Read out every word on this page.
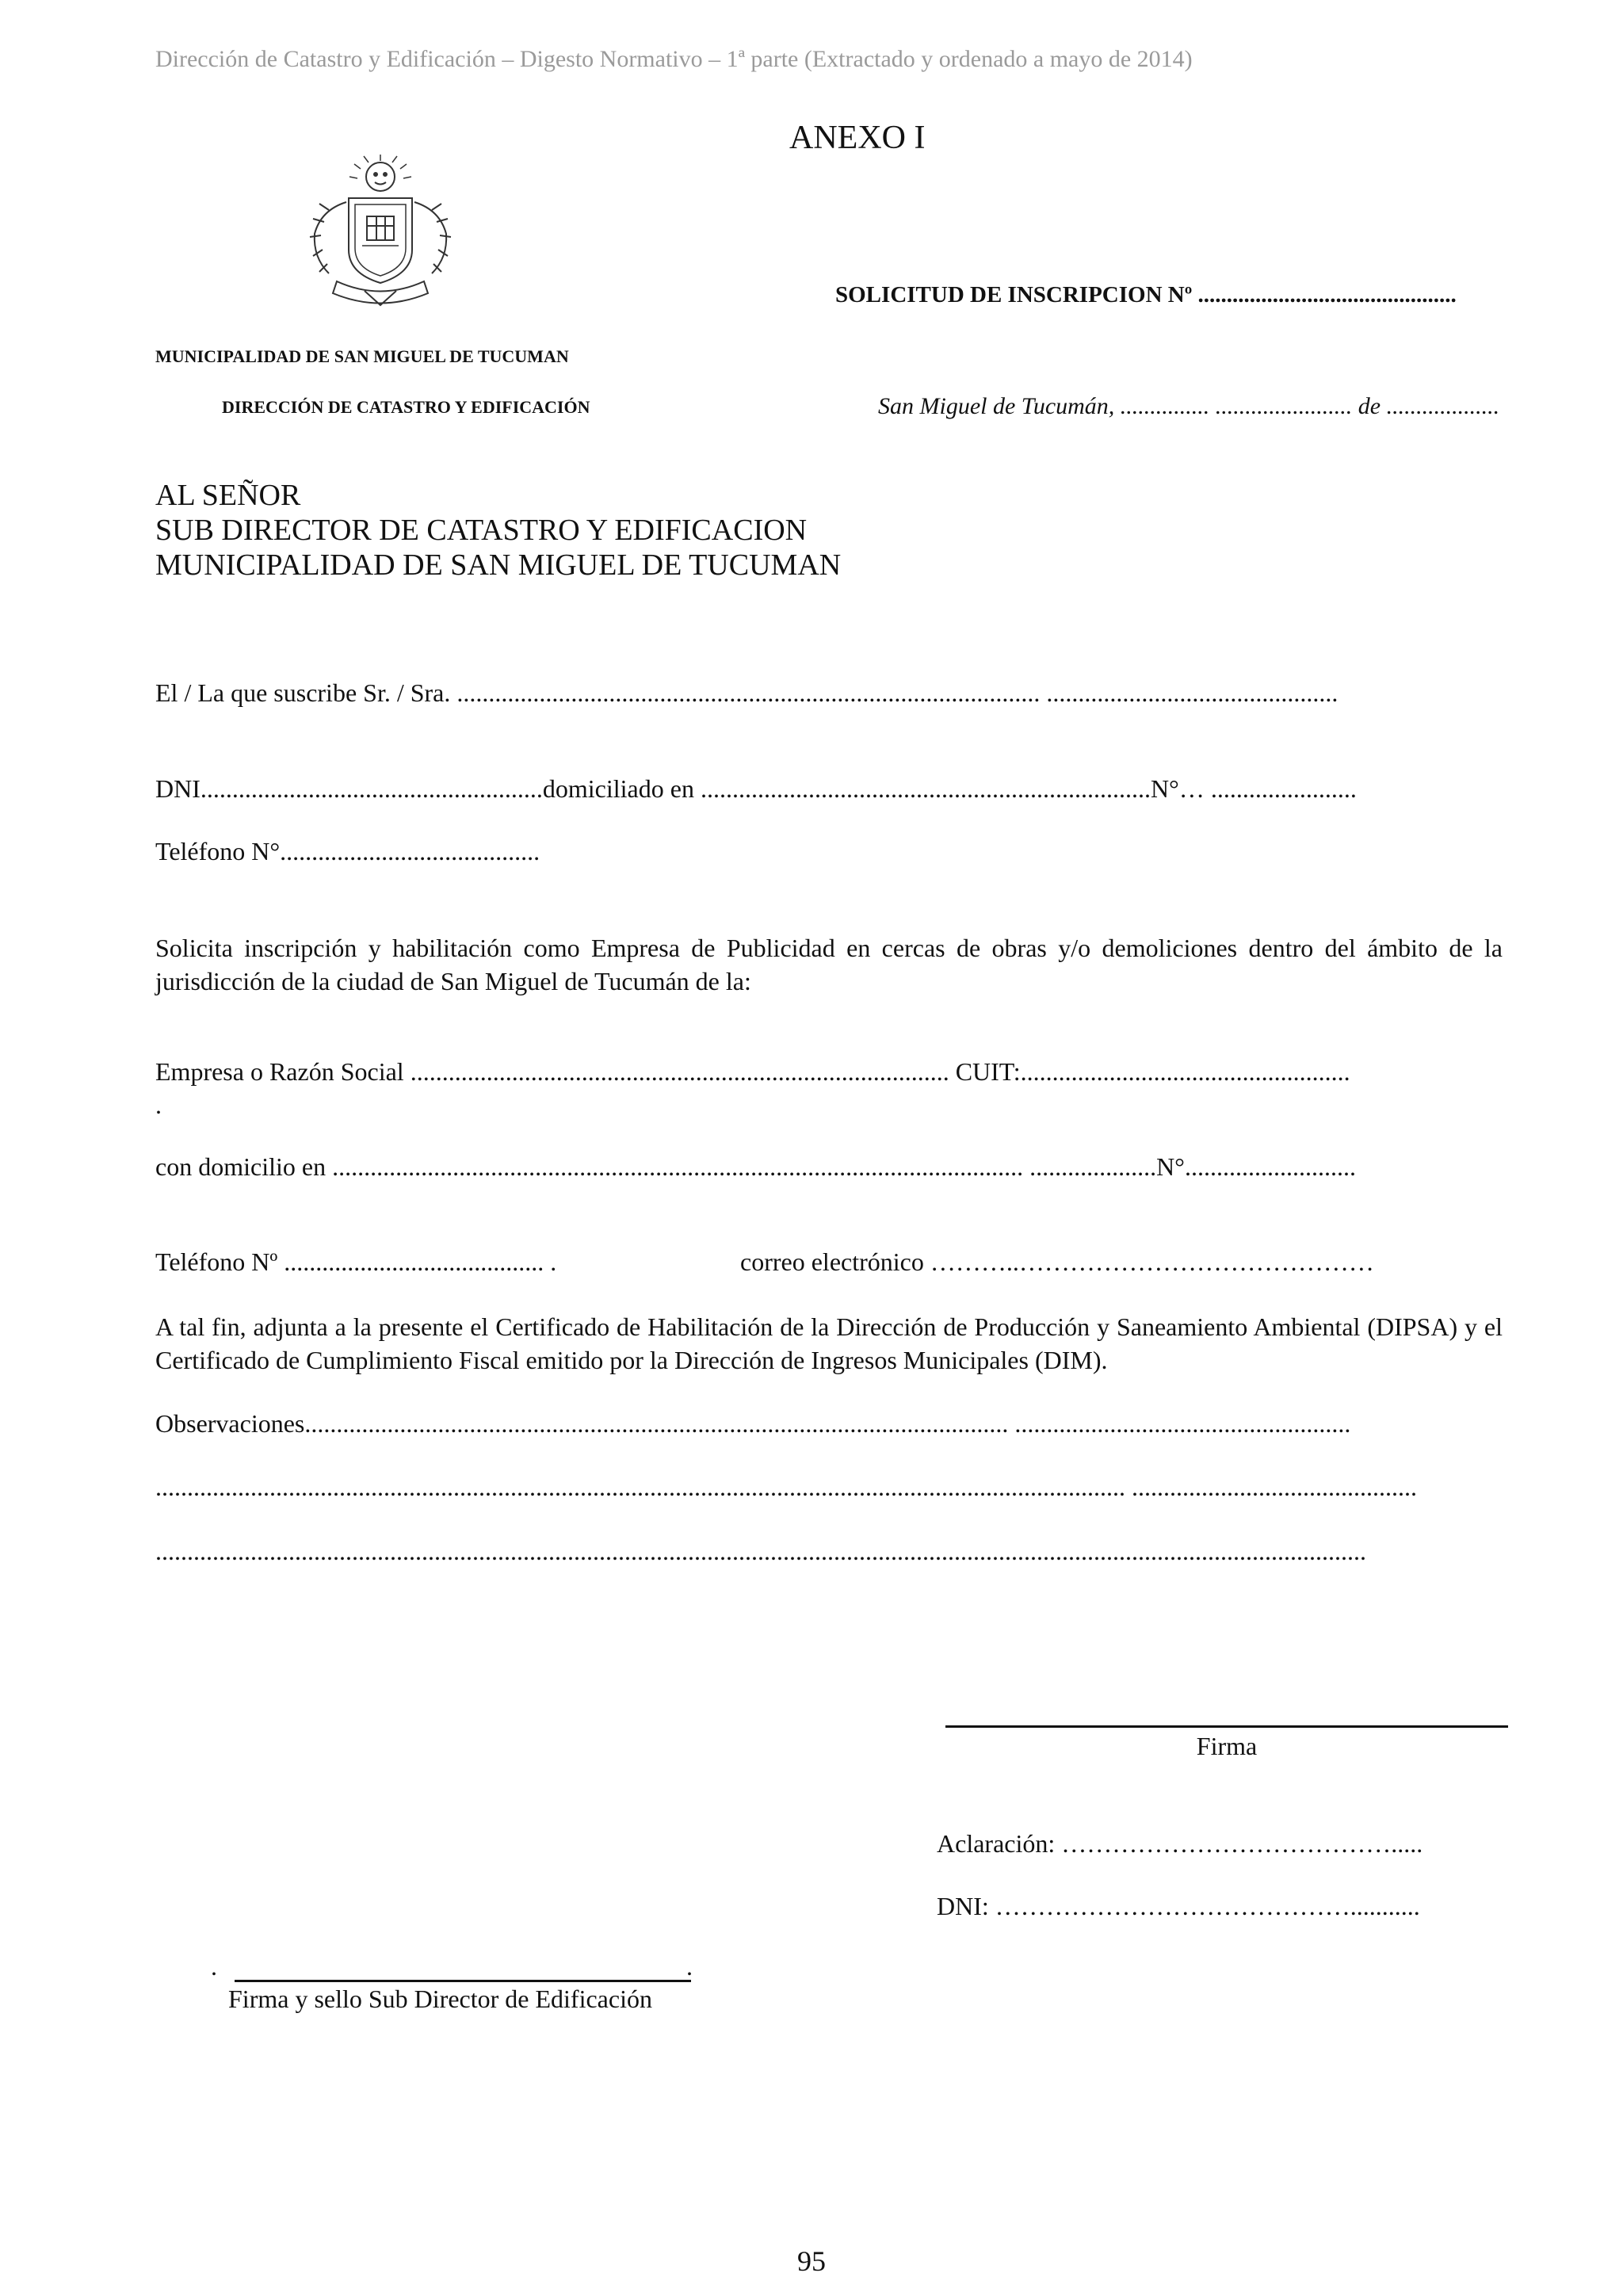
Dirección de Catastro y Edificación – Digesto Normativo – 1ª parte (Extractado y ordenado a mayo de 2014)
ANEXO I
SOLICITUD DE INSCRIPCION Nº .............................................
MUNICIPALIDAD DE SAN MIGUEL DE TUCUMAN
DIRECCIÓN DE CATASTRO Y EDIFICACIÓN	San Miguel de Tucumán, ............... ....................... de ...................
AL SEÑOR
SUB DIRECTOR DE CATASTRO Y EDIFICACION
MUNICIPALIDAD DE SAN MIGUEL DE TUCUMAN
El / La que suscribe Sr. / Sra. ............................................................................................ ..............................................
DNI......................................................domiciliado en .......................................................................N°… .......................
Teléfono N°.........................................
Solicita inscripción y habilitación como Empresa de Publicidad en cercas de obras y/o demoliciones dentro del ámbito de la jurisdicción de la ciudad de San Miguel de Tucumán de la:
Empresa o Razón Social ..................................................................................... CUIT:....................................................
.
con domicilio en ............................................................................................................. ....................N°...........................
Teléfono Nº ......................................... .	correo electrónico ………..……………………………………
A tal fin, adjunta a la presente el Certificado de Habilitación de la Dirección de Producción y Saneamiento Ambiental (DIPSA) y el Certificado de Cumplimiento Fiscal emitido por la Dirección de Ingresos Municipales (DIM).
Observaciones............................................................................................................... .....................................................
......................................................................................................................................................... .............................................
...............................................................................................................................................................................................
Firma
Aclaración: ………………………………….....
DNI: ……………………………………...........
.	.
Firma y sello Sub Director de Edificación
95
